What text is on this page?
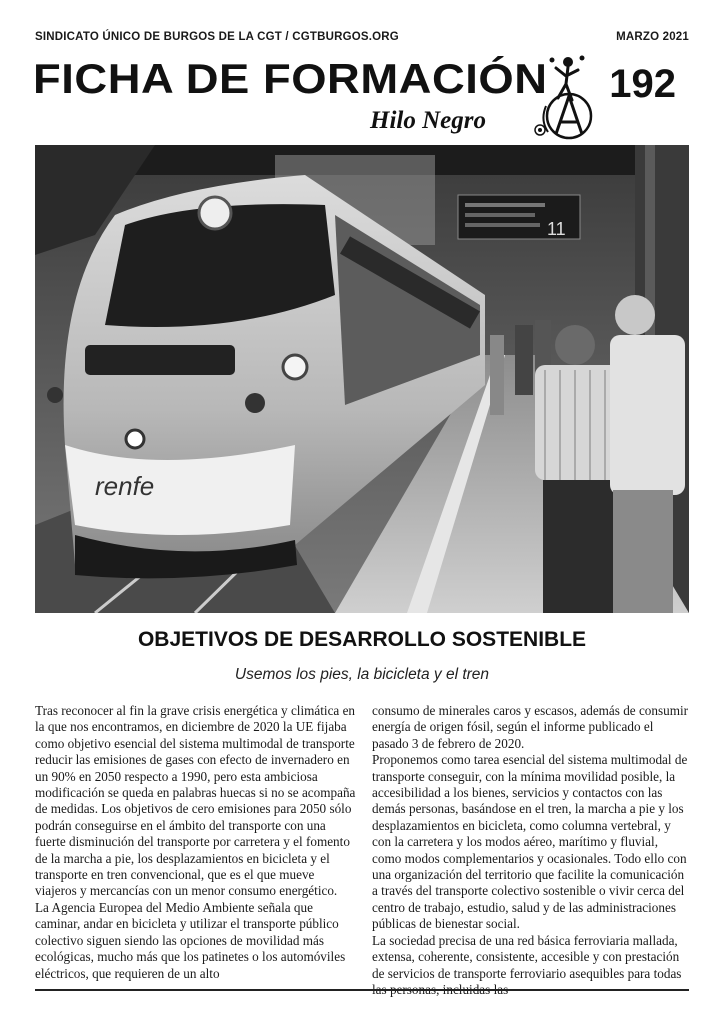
SINDICATO ÚNICO DE BURGOS DE LA CGT / CGTBURGOS.ORG	MARZO 2021
FICHA DE FORMACIÓN 192
Hilo Negro
11
renfe
OBJETIVOS DE DESARROLLO SOSTENIBLE
Usemos los pies, la bicicleta y el tren

Tras reconocer al fin la grave crisis energética y climática en la que nos encontramos, en diciembre de 2020 la UE fijaba como objetivo esencial del sistema multimodal de transporte reducir las emisiones de gases con efecto de invernadero en un 90% en 2050 respecto a 1990, pero esta ambiciosa modificación se queda en palabras huecas si no se acompaña de medidas. Los objetivos de cero emisiones para 2050 sólo podrán conseguirse en el ámbito del transporte con una fuerte disminución del transporte por carretera y el fomento de la marcha a pie, los desplazamientos en bicicleta y el transporte en tren convencional, que es el que mueve viajeros y mercancías con un menor consumo energético.

La Agencia Europea del Medio Ambiente señala que caminar, andar en bicicleta y utilizar el transporte público colectivo siguen siendo las opciones de movilidad más ecológicas, mucho más que los patinetes o los automóviles eléctricos, que requieren de un alto

consumo de minerales caros y escasos, además de consumir energía de origen fósil, según el informe publicado el pasado 3 de febrero de 2020.

Proponemos como tarea esencial del sistema multimodal de transporte conseguir, con la mínima movilidad posible, la accesibilidad a los bienes, servicios y contactos con las demás personas, basándose en el tren, la marcha a pie y los desplazamientos en bicicleta, como columna vertebral, y con la carretera y los modos aéreo, marítimo y fluvial, como modos complementarios y ocasionales. Todo ello con una organización del territorio que facilite la comunicación a través del transporte colectivo sostenible o vivir cerca del centro de trabajo, estudio, salud y de las administraciones públicas de bienestar social.

La sociedad precisa de una red básica ferroviaria mallada, extensa, coherente, consistente, accesible y con prestación de servicios de transporte ferroviario asequibles para todas las personas, incluidas las
